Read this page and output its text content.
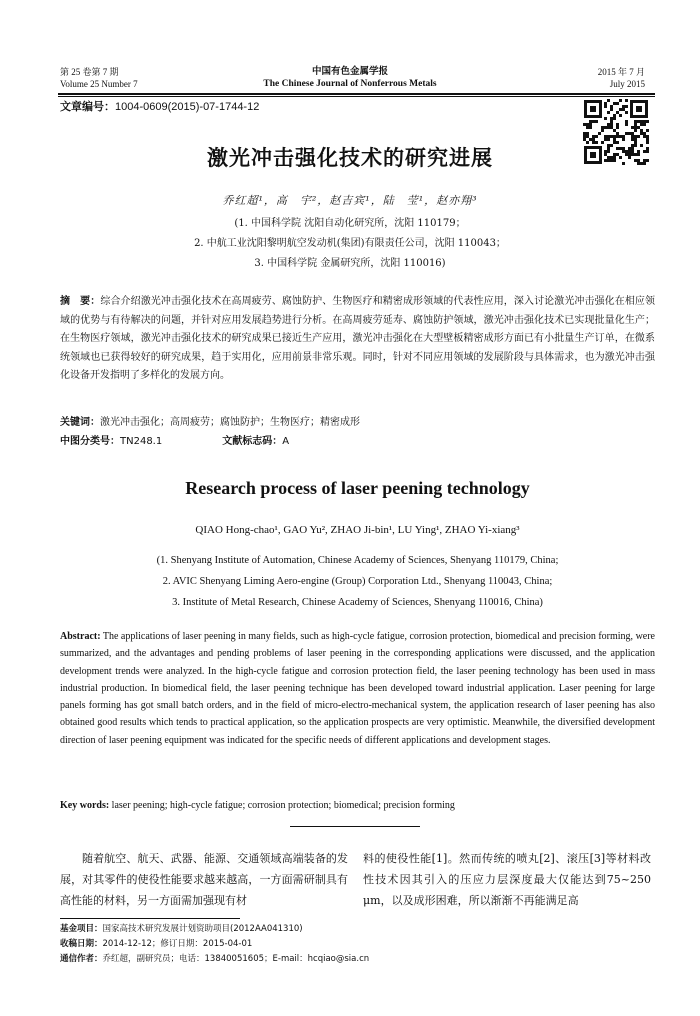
第 25 卷第 7 期
Volume 25 Number 7
中国有色金属学报
The Chinese Journal of Nonferrous Metals
2015 年 7 月
July 2015
文章编号：1004-0609(2015)-07-1744-12
激光冲击强化技术的研究进展
乔红超¹，高　宇²，赵吉宾¹，陆　莹¹，赵亦翔³
(1. 中国科学院 沈阳自动化研究所，沈阳 110179；
2. 中航工业沈阳黎明航空发动机(集团)有限责任公司，沈阳 110043；
3. 中国科学院 金属研究所，沈阳 110016)
摘　要：综合介绍激光冲击强化技术在高周疲劳、腐蚀防护、生物医疗和精密成形领域的代表性应用，深入讨论激光冲击强化在相应领域的优势与有待解决的问题，并针对应用发展趋势进行分析。在高周疲劳延寿、腐蚀防护领域，激光冲击强化技术已实现批量化生产；在生物医疗领域，激光冲击强化技术的研究成果已接近生产应用，激光冲击强化在大型壁板精密成形方面已有小批量生产订单，在微系统领域也已获得较好的研究成果，趋于实用化，应用前景非常乐观。同时，针对不同应用领域的发展阶段与具体需求，也为激光冲击强化设备开发指明了多样化的发展方向。
关键词：激光冲击强化；高周疲劳；腐蚀防护；生物医疗；精密成形
中图分类号：TN248.1	文献标志码：A
Research process of laser peening technology
QIAO Hong-chao¹, GAO Yu², ZHAO Ji-bin¹, LU Ying¹, ZHAO Yi-xiang³
(1. Shenyang Institute of Automation, Chinese Academy of Sciences, Shenyang 110179, China;
2. AVIC Shenyang Liming Aero-engine (Group) Corporation Ltd., Shenyang 110043, China;
3. Institute of Metal Research, Chinese Academy of Sciences, Shenyang 110016, China)
Abstract: The applications of laser peening in many fields, such as high-cycle fatigue, corrosion protection, biomedical and precision forming, were summarized, and the advantages and pending problems of laser peening in the corresponding applications were discussed, and the application development trends were analyzed. In the high-cycle fatigue and corrosion protection field, the laser peening technology has been used in mass industrial production. In biomedical field, the laser peening technique has been developed toward industrial application. Laser peening for large panels forming has got small batch orders, and in the field of micro-electro-mechanical system, the application research of laser peening has also obtained good results which tends to practical application, so the application prospects are very optimistic. Meanwhile, the diversified development direction of laser peening equipment was indicated for the specific needs of different applications and development stages.
Key words: laser peening; high-cycle fatigue; corrosion protection; biomedical; precision forming
随着航空、航天、武器、能源、交通领域高端装备的发展，对其零件的使役性能要求越来越高，一方面需研制具有高性能的材料，另一方面需加强现有材
料的使役性能[1]。然而传统的喷丸[2]、滚压[3]等材料改性技术因其引入的压应力层深度最大仅能达到75~250 μm，以及成形困难，所以渐渐不再能满足高
基金项目：国家高技术研究发展计划资助项目(2012AA041310)
收稿日期：2014-12-12；修订日期：2015-04-01
通信作者：乔红超，副研究员；电话：13840051605；E-mail：hcqiao@sia.cn
